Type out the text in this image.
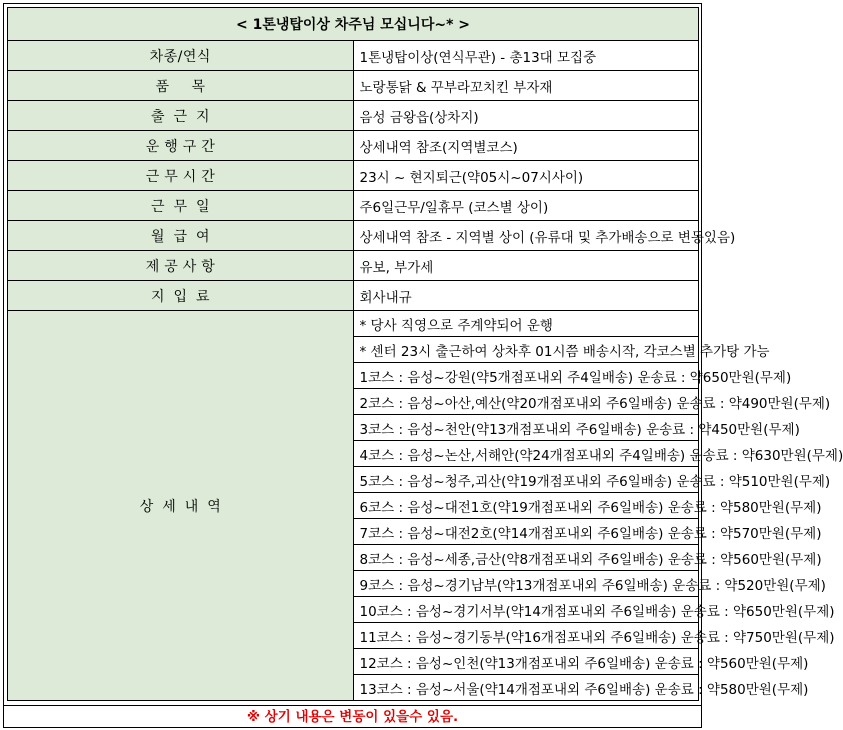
< 1톤냉탑이상 차주님 모십니다~* >	
차종/연식	1톤냉탑이상(연식무관) - 총13대 모집중
품 목	노랑통닭 & 꾸부라꼬치킨 부자재
출근지	음성 금왕읍(상차지)
운행구간	상세내역 참조(지역별코스)
근무시간	23시 ~ 현지퇴근(약05시~07시사이)
근무일	주6일근무/일휴무 (코스별 상이)
월급여	상세내역 참조 - 지역별 상이 (유류대 및 추가배송으로 변동있음)
제공사항	유보, 부가세
지입료	회사내규
상세내역	* 당사 직영으로 주계약되어 운행
	* 센터 23시 출근하여 상차후 01시쯤 배송시작, 각코스별 추가탕 가능
	1코스 : 음성~강원(약5개점포내외 주4일배송) 운송료 : 약650만원(무제)
	2코스 : 음성~아산,예산(약20개점포내외 주6일배송) 운송료 : 약490만원(무제)
	3코스 : 음성~천안(약13개점포내외 주6일배송) 운송료 : 약450만원(무제)
	4코스 : 음성~논산,서해안(약24개점포내외 주4일배송) 운송료 : 약630만원(무제)
	5코스 : 음성~청주,괴산(약19개점포내외 주6일배송) 운송료 : 약510만원(무제)
	6코스 : 음성~대전1호(약19개점포내외 주6일배송) 운송료 : 약580만원(무제)
	7코스 : 음성~대전2호(약14개점포내외 주6일배송) 운송료 : 약570만원(무제)
	8코스 : 음성~세종,금산(약8개점포내외 주6일배송) 운송료 : 약560만원(무제)
	9코스 : 음성~경기남부(약13개점포내외 주6일배송) 운송료 : 약520만원(무제)
	10코스 : 음성~경기서부(약14개점포내외 주6일배송) 운송료 : 약650만원(무제)
	11코스 : 음성~경기동부(약16개점포내외 주6일배송) 운송료 : 약750만원(무제)
	12코스 : 음성~인천(약13개점포내외 주6일배송) 운송료 : 약560만원(무제)
	13코스 : 음성~서울(약14개점포내외 주6일배송) 운송료 : 약580만원(무제)
※ 상기 내용은 변동이 있을수 있음.
